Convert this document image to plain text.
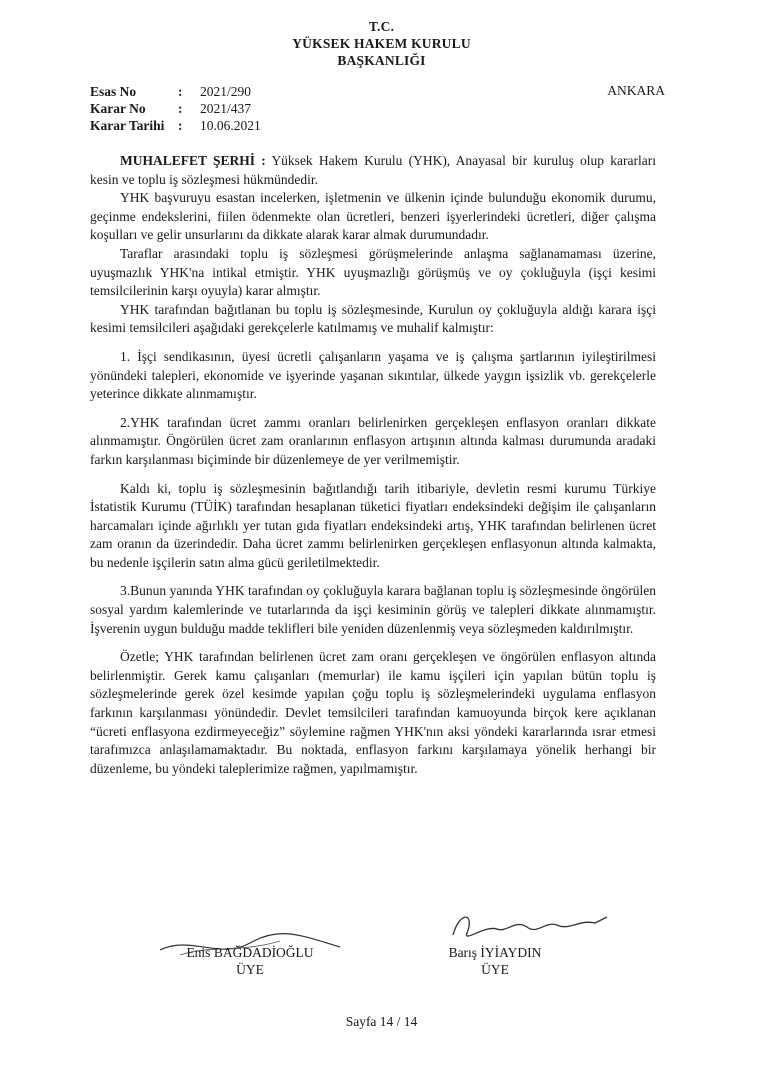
T.C.
YÜKSEK HAKEM KURULU
BAŞKANLIĞI
Esas No	:	2021/290
Karar No	:	2021/437
Karar Tarihi	:	10.06.2021
ANKARA

MUHALEFET ŞERHİ : Yüksek Hakem Kurulu (YHK), Anayasal bir kuruluş olup kararları kesin ve toplu iş sözleşmesi hükmündedir.

YHK başvuruyu esastan incelerken, işletmenin ve ülkenin içinde bulunduğu ekonomik durumu, geçinme endekslerini, fiilen ödenmekte olan ücretleri, benzeri işyerlerindeki ücretleri, diğer çalışma koşulları ve gelir unsurlarını da dikkate alarak karar almak durumundadır.

Taraflar arasındaki toplu iş sözleşmesi görüşmelerinde anlaşma sağlanamaması üzerine, uyuşmazlık YHK'na intikal etmiştir. YHK uyuşmazlığı görüşmüş ve oy çokluğuyla (işçi kesimi temsilcilerinin karşı oyuyla) karar almıştır.

YHK tarafından bağıtlanan bu toplu iş sözleşmesinde, Kurulun oy çokluğuyla aldığı karara işçi kesimi temsilcileri aşağıdaki gerekçelerle katılmamış ve muhalif kalmıştır:

1. İşçi sendikasının, üyesi ücretli çalışanların yaşama ve iş çalışma şartlarının iyileştirilmesi yönündeki talepleri, ekonomide ve işyerinde yaşanan sıkıntılar, ülkede yaygın işsizlik vb. gerekçelerle yeterince dikkate alınmamıştır.

2.YHK tarafından ücret zammı oranları belirlenirken gerçekleşen enflasyon oranları dikkate alınmamıştır. Öngörülen ücret zam oranlarının enflasyon artışının altında kalması durumunda aradaki farkın karşılanması biçiminde bir düzenlemeye de yer verilmemiştir.

Kaldı ki, toplu iş sözleşmesinin bağıtlandığı tarih itibariyle, devletin resmi kurumu Türkiye İstatistik Kurumu (TÜİK) tarafından hesaplanan tüketici fiyatları endeksindeki değişim ile çalışanların harcamaları içinde ağırlıklı yer tutan gıda fiyatları endeksindeki artış, YHK tarafından belirlenen ücret zam oranın da üzerindedir. Daha ücret zammı belirlenirken gerçekleşen enflasyonun altında kalmakta, bu nedenle işçilerin satın alma gücü geriletilmektedir.

3.Bunun yanında YHK tarafından oy çokluğuyla karara bağlanan toplu iş sözleşmesinde öngörülen sosyal yardım kalemlerinde ve tutarlarında da işçi kesiminin görüş ve talepleri dikkate alınmamıştır. İşverenin uygun bulduğu madde teklifleri bile yeniden düzenlenmiş veya sözleşmeden kaldırılmıştır.

Özetle; YHK tarafından belirlenen ücret zam oranı gerçekleşen ve öngörülen enflasyon altında belirlenmiştir. Gerek kamu çalışanları (memurlar) ile kamu işçileri için yapılan bütün toplu iş sözleşmelerinde gerek özel kesimde yapılan çoğu toplu iş sözleşmelerindeki uygulama enflasyon farkının karşılanması yönündedir. Devlet temsilcileri tarafından kamuoyunda birçok kere açıklanan “ücreti enflasyona ezdirmeyeceğiz” söylemine rağmen YHK'nın aksi yöndeki kararlarında ısrar etmesi tarafımızca anlaşılamamaktadır. Bu noktada, enflasyon farkını karşılamaya yönelik herhangi bir düzenleme, bu yöndeki taleplerimize rağmen, yapılmamıştır.

Enis BAĞDADİOĞLU
ÜYE
Barış İYİAYDIN
ÜYE
Sayfa 14 / 14
